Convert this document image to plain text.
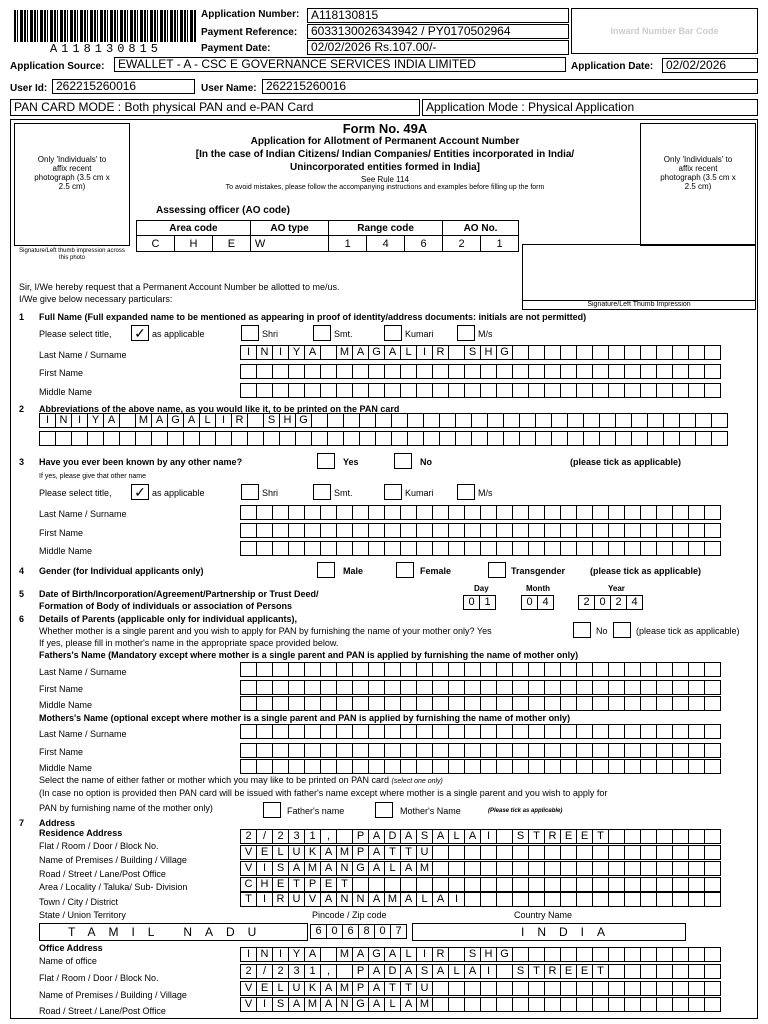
A118130815
Application Number: A118130815
Payment Reference:	6033130026343942 / PY0170502964
Payment Date:	02/02/2026 Rs.107.00/-
Inward Number Bar Code
Application Source:	EWALLET - A - CSC E GOVERNANCE SERVICES INDIA LIMITED	Application Date:	02/02/2026
User Id: 262215260016	User Name: 262215260016
PAN CARD MODE : Both physical PAN and e-PAN Card	Application Mode : Physical Application
Only 'Individuals' to affix recent photograph (3.5 cm x 2.5 cm)
Signature/Left thumb impression across this photo
Only 'Individuals' to affix recent photograph (3.5 cm x 2.5 cm)
Signature/Left Thumb Impression
Form No. 49A
Application for Allotment of Permanent Account Number
[In the case of Indian Citizens/ Indian Companies/ Entities incorporated in India/
Unincorporated entities formed in India]
See Rule 114
To avoid mistakes, please follow the accompanying instructions and examples before filling up the form
Assessing officer (AO code)
Area code			AO type	Range code			AO No.	
C	H	E	W	1	4	6	2	1
Sir, I/We hereby request that a Permanent Account Number be allotted to me/us.
I/We give below necessary particulars:
1 Full Name (Full expanded name to be mentioned as appearing in proof of identity/address documents: initials are not permitted)
Please select title, ✓ as applicable	Shri	Smt.	Kumari	M/s
Last Name / Surname	I N I Y A	M A G A L	I R	S H G
First Name
Middle Name
2 Abbreviations of the above name, as you would like it, to be printed on the PAN card
I N I Y A	M A G A L	I R	S H G
3 Have you ever been known by any other name?	Yes	No	(please tick as applicable)
If yes, please give that other name
Please select title, ✓ as applicable	Shri	Smt.	Kumari	M/s
Last Name / Surname
First Name
Middle Name
4 Gender (for Individual applicants only)	Male	Female	Transgender	(please tick as applicable)
5 Date of Birth/Incorporation/Agreement/Partnership or Trust Deed/
Formation of Body of individuals or association of Persons
Day	Month	Year
0 1	0 4	2 0 2 4
6 Details of Parents (applicable only for individual applicants),
Whether mother is a single parent and you wish to apply for PAN by furnishing the name of your mother only? Yes	No	(please tick as applicable)
If yes, please fill in mother's name in the appropriate space provided below.
Fathers's Name (Mandatory except where mother is a single parent and PAN is applied by furnishing the name of mother only)
Last Name / Surname
First Name
Middle Name
Mothers's Name (optional except where mother is a single parent and PAN is applied by furnishing the name of mother only)
Last Name / Surname
First Name
Middle Name
Select the name of either father or mother which you may like to be printed on PAN card (select one only)
(In case no option is provided then PAN card will be issued with father's name except where mother is a single parent and you wish to apply for
PAN by furnishing name of the mother only)	Father's name	Mother's Name	(Please tick as applicable)
7 Address
Residence Address
Flat / Room / Door / Block No.
2	/	2 3 1	,	P A D A S A L A I	S T R E E T
Name of Premises / Building / Village
V E L U K A M P A T T U
Road / Street / Lane/Post Office	V I S A M A N G A L A M
Area / Locality / Taluka/ Sub- Division	C H E T P E T
Town / City / District	T	I R U V A N N A M A L A I
State / Union Territory	Pincode / Zip code	Country Name
TAMIL NADU	6 0 6 8 0 7	INDIA
Office Address
Name of office
I N I Y A	M A G A L	I R	S H G
Flat / Room / Door / Block No.
2	/	2 3 1	,	P A D A S A L A I	S T R E E T
Name of Premises / Building / Village
V E L U K A M P A T T U
Road / Street / Lane/Post Office
V I S A M A N G A L A M
